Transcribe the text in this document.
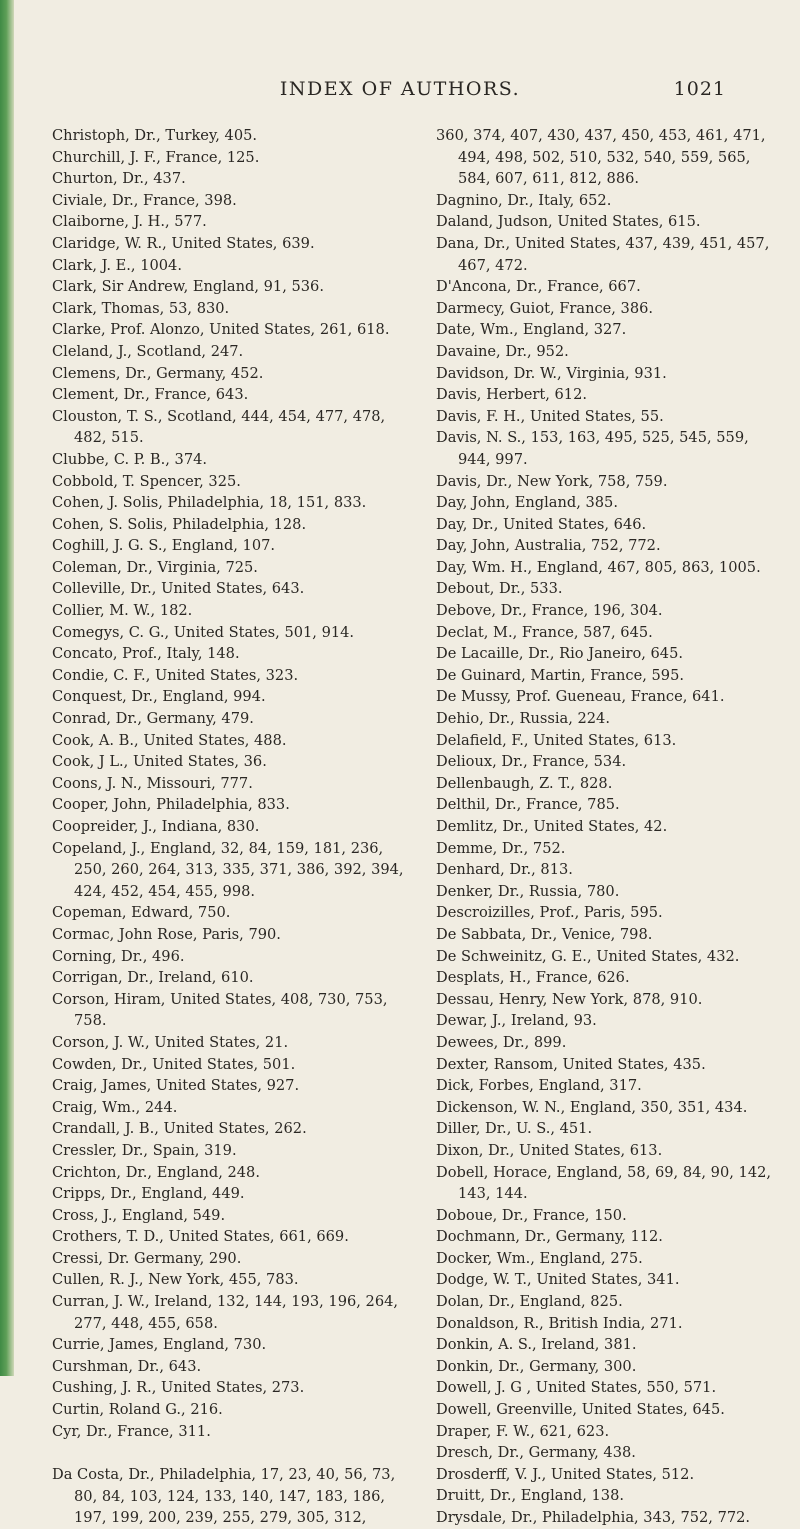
INDEX OF AUTHORS.	1021
Christoph, Dr., Turkey, 405.
Churchill, J. F., France, 125.
Churton, Dr., 437.
Civiale, Dr., France, 398.
Claiborne, J. H., 577.
Claridge, W. R., United States, 639.
Clark, J. E., 1004.
Clark, Sir Andrew, England, 91, 536.
Clark, Thomas, 53, 830.
Clarke, Prof. Alonzo, United States, 261, 618.
Cleland, J., Scotland, 247.
Clemens, Dr., Germany, 452.
Clement, Dr., France, 643.
Clouston, T. S., Scotland, 444, 454, 477, 478, 482, 515.
Clubbe, C. P. B., 374.
Cobbold, T. Spencer, 325.
Cohen, J. Solis, Philadelphia, 18, 151, 833.
Cohen, S. Solis, Philadelphia, 128.
Coghill, J. G. S., England, 107.
Coleman, Dr., Virginia, 725.
Colleville, Dr., United States, 643.
Collier, M. W., 182.
Comegys, C. G., United States, 501, 914.
Concato, Prof., Italy, 148.
Condie, C. F., United States, 323.
Conquest, Dr., England, 994.
Conrad, Dr., Germany, 479.
Cook, A. B., United States, 488.
Cook, J L., United States, 36.
Coons, J. N., Missouri, 777.
Cooper, John, Philadelphia, 833.
Coopreider, J., Indiana, 830.
Copeland, J., England, 32, 84, 159, 181, 236, 250, 260, 264, 313, 335, 371, 386, 392, 394, 424, 452, 454, 455, 998.
Copeman, Edward, 750.
Cormac, John Rose, Paris, 790.
Corning, Dr., 496.
Corrigan, Dr., Ireland, 610.
Corson, Hiram, United States, 408, 730, 753, 758.
Corson, J. W., United States, 21.
Cowden, Dr., United States, 501.
Craig, James, United States, 927.
Craig, Wm., 244.
Crandall, J. B., United States, 262.
Cressler, Dr., Spain, 319.
Crichton, Dr., England, 248.
Cripps, Dr., England, 449.
Cross, J., England, 549.
Crothers, T. D., United States, 661, 669.
Cressi, Dr. Germany, 290.
Cullen, R. J., New York, 455, 783.
Curran, J. W., Ireland, 132, 144, 193, 196, 264, 277, 448, 455, 658.
Currie, James, England, 730.
Curshman, Dr., 643.
Cushing, J. R., United States, 273.
Curtin, Roland G., 216.
Cyr, Dr., France, 311.
Da Costa, Dr., Philadelphia, 17, 23, 40, 56, 73, 80, 84, 103, 124, 133, 140, 147, 183, 186, 197, 199, 200, 239, 255, 279, 305, 312,
360, 374, 407, 430, 437, 450, 453, 461, 471, 494, 498, 502, 510, 532, 540, 559, 565, 584, 607, 611, 812, 886.
Dagnino, Dr., Italy, 652.
Daland, Judson, United States, 615.
Dana, Dr., United States, 437, 439, 451, 457, 467, 472.
D'Ancona, Dr., France, 667.
Darmecy, Guiot, France, 386.
Date, Wm., England, 327.
Davaine, Dr., 952.
Davidson, Dr. W., Virginia, 931.
Davis, Herbert, 612.
Davis, F. H., United States, 55.
Davis, N. S., 153, 163, 495, 525, 545, 559, 944, 997.
Davis, Dr., New York, 758, 759.
Day, John, England, 385.
Day, Dr., United States, 646.
Day, John, Australia, 752, 772.
Day, Wm. H., England, 467, 805, 863, 1005.
Debout, Dr., 533.
Debove, Dr., France, 196, 304.
Declat, M., France, 587, 645.
De Lacaille, Dr., Rio Janeiro, 645.
De Guinard, Martin, France, 595.
De Mussy, Prof. Gueneau, France, 641.
Dehio, Dr., Russia, 224.
Delafield, F., United States, 613.
Delioux, Dr., France, 534.
Dellenbaugh, Z. T., 828.
Delthil, Dr., France, 785.
Demlitz, Dr., United States, 42.
Demme, Dr., 752.
Denhard, Dr., 813.
Denker, Dr., Russia, 780.
Descroizilles, Prof., Paris, 595.
De Sabbata, Dr., Venice, 798.
De Schweinitz, G. E., United States, 432.
Desplats, H., France, 626.
Dessau, Henry, New York, 878, 910.
Dewar, J., Ireland, 93.
Dewees, Dr., 899.
Dexter, Ransom, United States, 435.
Dick, Forbes, England, 317.
Dickenson, W. N., England, 350, 351, 434.
Diller, Dr., U. S., 451.
Dixon, Dr., United States, 613.
Dobell, Horace, England, 58, 69, 84, 90, 142, 143, 144.
Doboue, Dr., France, 150.
Dochmann, Dr., Germany, 112.
Docker, Wm., England, 275.
Dodge, W. T., United States, 341.
Dolan, Dr., England, 825.
Donaldson, R., British India, 271.
Donkin, A. S., Ireland, 381.
Donkin, Dr., Germany, 300.
Dowell, J. G , United States, 550, 571.
Dowell, Greenville, United States, 645.
Draper, F. W., 621, 623.
Dresch, Dr., Germany, 438.
Drosderff, V. J., United States, 512.
Druitt, Dr., England, 138.
Drysdale, Dr., Philadelphia, 343, 752, 772.
